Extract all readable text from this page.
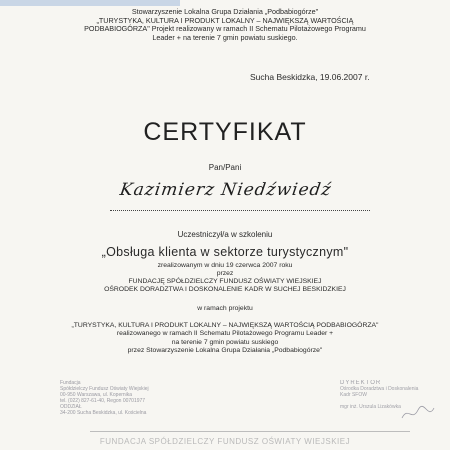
Stowarzyszenie Lokalna Grupa Działania „Podbabiogórze"
„TURYSTYKA, KULTURA I PRODUKT LOKALNY – NAJWIĘKSZĄ WARTOŚCIĄ
PODBABIOGÓRZA" Projekt realizowany w ramach II Schematu Pilotażowego Programu
Leader + na terenie 7 gmin powiatu suskiego.
Sucha Beskidzka, 19.06.2007 r.
CERTYFIKAT
Pan/Pani
Kazimierz Niedźwiedź
Uczestniczył/a w szkoleniu
„Obsługa klienta w sektorze turystycznym"
zrealizowanym w dniu 19 czerwca 2007 roku
przez
FUNDACJĘ SPÓŁDZIELCZY FUNDUSZ OŚWIATY WIEJSKIEJ
OŚRODEK DORADZTWA I DOSKONALENIE KADR W SUCHEJ BESKIDZKIEJ
w ramach projektu
„TURYSTYKA, KULTURA I PRODUKT LOKALNY – NAJWIĘKSZĄ WARTOŚCIĄ PODBABIOGÓRZA"
realizowanego w ramach II Schematu Pilotażowego Programu Leader +
na terenie 7 gmin powiatu suskiego
przez Stowarzyszenie Lokalna Grupa Działania „Podbabiogórze"
Fundacja
Spółdzielczy Fundusz Oświaty Wiejskiej
00-950 Warszawa, ul. Kopernika
tel. (022) 827-61-40, Regon 00701977
ODDZIAŁ
34-200 Sucha Beskidzka, ul. Kościelna
DYREKTOR
Ośrodka Doradztwa i Doskonalenia Kadr SFOW
mgr inż. Urszula Lizakówka
FUNDACJA SPÓŁDZIELCZY FUNDUSZ OŚWIATY WIEJSKIEJ
